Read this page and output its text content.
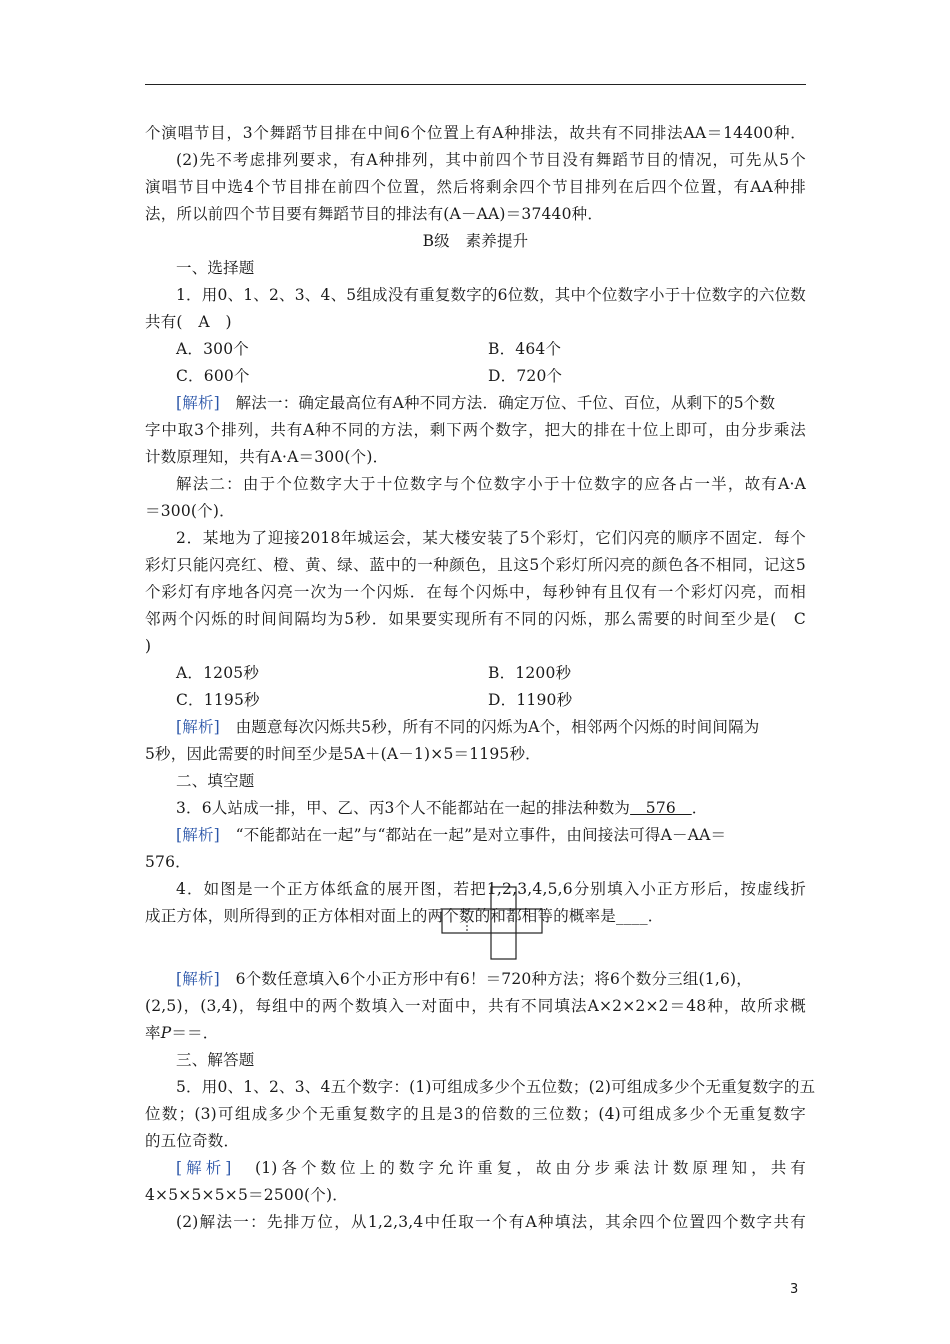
个演唱节目，3个舞蹈节目排在中间6个位置上有A种排法，故共有不同排法AA＝14400种．
(2)先不考虑排列要求，有A种排列，其中前四个节目没有舞蹈节目的情况，可先从5个
演唱节目中选4个节目排在前四个位置，然后将剩余四个节目排列在后四个位置，有AA种排
法，所以前四个节目要有舞蹈节目的排法有(A－AA)＝37440种．
B级　素养提升
一、选择题
1．用0、1、2、3、4、5组成没有重复数字的6位数，其中个位数字小于十位数字的六位数
共有(　A　)
A．300个	B．464个
C．600个	D．720个
[解析]　解法一：确定最高位有A种不同方法．确定万位、千位、百位，从剩下的5个数
字中取3个排列，共有A种不同的方法，剩下两个数字，把大的排在十位上即可，由分步乘法
计数原理知，共有A·A＝300(个)．
解法二：由于个位数字大于十位数字与个位数字小于十位数字的应各占一半，故有A·A
＝300(个)．
2．某地为了迎接2018年城运会，某大楼安装了5个彩灯，它们闪亮的顺序不固定．每个
彩灯只能闪亮红、橙、黄、绿、蓝中的一种颜色，且这5个彩灯所闪亮的颜色各不相同，记这5
个彩灯有序地各闪亮一次为一个闪烁．在每个闪烁中，每秒钟有且仅有一个彩灯闪亮，而相
邻两个闪烁的时间间隔均为5秒．如果要实现所有不同的闪烁，那么需要的时间至少是(　C
)
A．1205秒	B．1200秒
C．1195秒	D．1190秒
[解析]　由题意每次闪烁共5秒，所有不同的闪烁为A个，相邻两个闪烁的时间间隔为
5秒，因此需要的时间至少是5A＋(A－1)×5＝1195秒．
二、填空题
3．6人站成一排，甲、乙、丙3个人不能都站在一起的排法种数为　576　．
[解析]　“不能都站在一起”与“都站在一起”是对立事件，由间接法可得A－AA＝
576．
4．如图是一个正方体纸盒的展开图，若把1,2,3,4,5,6分别填入小正方形后，按虚线折
成正方体，则所得到的正方体相对面上的两个数的和都相等的概率是____．
[解析]　6个数任意填入6个小正方形中有6！＝720种方法；将6个数分三组(1,6)，
(2,5)，(3,4)，每组中的两个数填入一对面中，共有不同填法A×2×2×2＝48种，故所求概
率P＝＝．
三、解答题
5．用0、1、2、3、4五个数字：(1)可组成多少个五位数；(2)可组成多少个无重复数字的五
位数；(3)可组成多少个无重复数字的且是3的倍数的三位数；(4)可组成多少个无重复数字
的五位奇数．
[解析]　(1)各个数位上的数字允许重复，故由分步乘法计数原理知，共有
4×5×5×5×5＝2500(个)．
(2)解法一：先排万位，从1,2,3,4中任取一个有A种填法，其余四个位置四个数字共有
3
